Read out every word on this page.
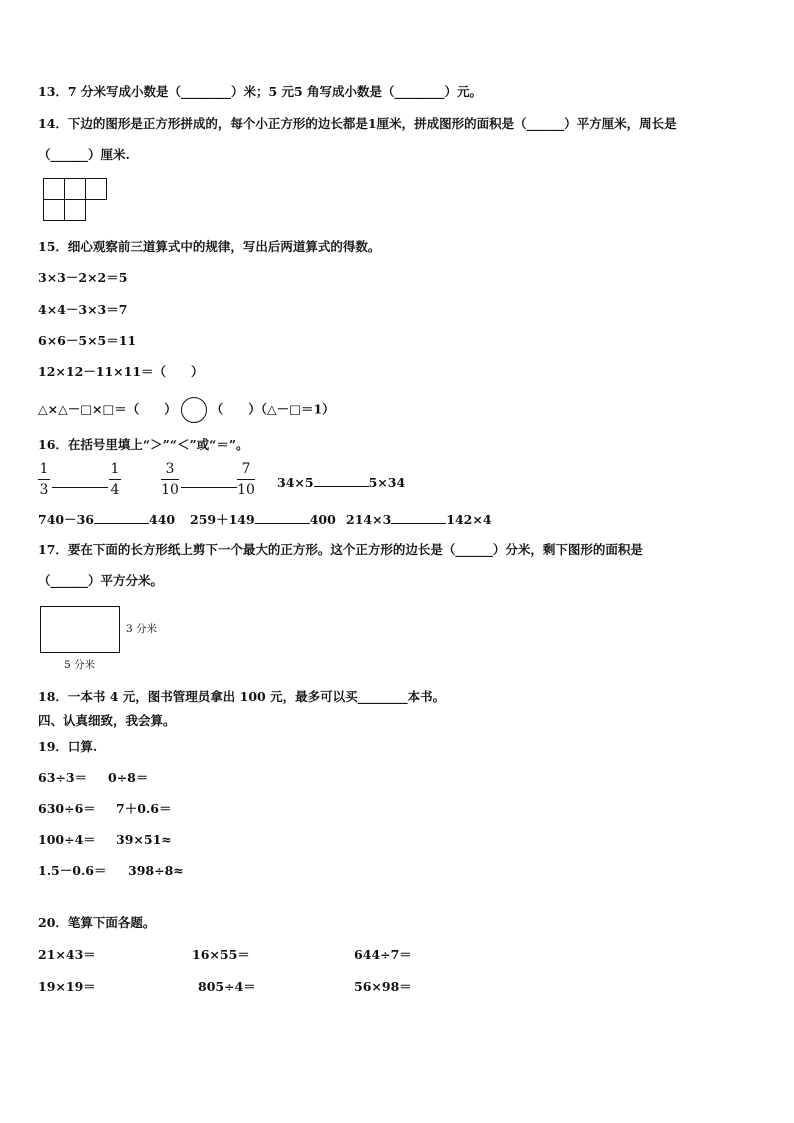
13．7 分米写成小数是（________）米；5 元5 角写成小数是（________）元。
14．下边的图形是正方形拼成的，每个小正方形的边长都是1厘米，拼成图形的面积是（______）平方厘米，周长是
（______）厘米.
15．细心观察前三道算式中的规律，写出后两道算式的得数。
3×3－2×2＝5
4×4－3×3＝7
6×6－5×5＝11
12×12－11×11＝（　　）
△×△－□×□＝（　　）	（　　）（△－□＝1）
16．在括号里填上“＞”“＜”或“＝”。
1
3
1
4
3
10
7
10 34×5	5×34
740－36	440 259＋149	400 214×3	142×4
17．要在下面的长方形纸上剪下一个最大的正方形。这个正方形的边长是（______）分米，剩下图形的面积是
（______）平方分米。
3 分米
5 分米
18．一本书 4 元，图书管理员拿出 100 元，最多可以买________本书。
四、认真细致，我会算。
19．口算.
63÷3＝ 0÷8＝
630÷6＝ 7＋0.6＝
100÷4＝ 39×51≈
1.5－0.6＝ 398÷8≈
20．笔算下面各题。
21×43＝	16×55＝	644÷7＝
19×19＝	805÷4＝	56×98＝
